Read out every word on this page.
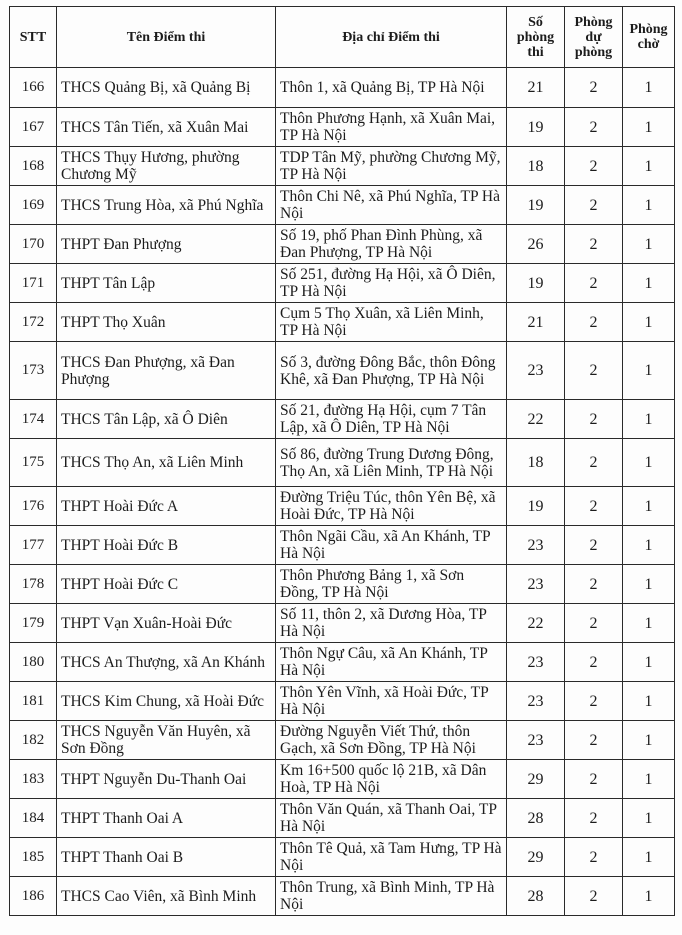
STT	Tên Điểm thi	Địa chỉ Điểm thi	Số phòng thi	Phòng dự phòng	Phòng chờ
166	THCS Quảng Bị, xã Quảng Bị	Thôn 1, xã Quảng Bị, TP Hà Nội	21	2	1
167	THCS Tân Tiến, xã Xuân Mai	Thôn Phương Hạnh, xã Xuân Mai, TP Hà Nội	19	2	1
168	THCS Thụy Hương, phường Chương Mỹ	TDP Tân Mỹ, phường Chương Mỹ, TP Hà Nội	18	2	1
169	THCS Trung Hòa, xã Phú Nghĩa	Thôn Chi Nê, xã Phú Nghĩa, TP Hà Nội	19	2	1
170	THPT Đan Phượng	Số 19, phố Phan Đình Phùng, xã Đan Phượng, TP Hà Nội	26	2	1
171	THPT Tân Lập	Số 251, đường Hạ Hội, xã Ô Diên, TP Hà Nội	19	2	1
172	THPT Thọ Xuân	Cụm 5 Thọ Xuân, xã Liên Minh, TP Hà Nội	21	2	1
173	THCS Đan Phượng, xã Đan Phượng	Số 3, đường Đông Bắc, thôn Đông Khê, xã Đan Phượng, TP Hà Nội	23	2	1
174	THCS Tân Lập, xã Ô Diên	Số 21, đường Hạ Hội, cụm 7 Tân Lập, xã Ô Diên, TP Hà Nội	22	2	1
175	THCS Thọ An, xã Liên Minh	Số 86, đường Trung Dương Đông, Thọ An, xã Liên Minh, TP Hà Nội	18	2	1
176	THPT Hoài Đức A	Đường Triệu Túc, thôn Yên Bệ, xã Hoài Đức, TP Hà Nội	19	2	1
177	THPT Hoài Đức B	Thôn Ngãi Cầu, xã An Khánh, TP Hà Nội	23	2	1
178	THPT Hoài Đức C	Thôn Phương Bảng 1, xã Sơn Đồng, TP Hà Nội	23	2	1
179	THPT Vạn Xuân-Hoài Đức	Số 11, thôn 2, xã Dương Hòa, TP Hà Nội	22	2	1
180	THCS An Thượng, xã An Khánh	Thôn Ngự Câu, xã An Khánh, TP Hà Nội	23	2	1
181	THCS Kim Chung, xã Hoài Đức	Thôn Yên Vĩnh, xã Hoài Đức, TP Hà Nội	23	2	1
182	THCS Nguyễn Văn Huyên, xã Sơn Đồng	Đường Nguyễn Viết Thứ, thôn Gạch, xã Sơn Đồng, TP Hà Nội	23	2	1
183	THPT Nguyễn Du-Thanh Oai	Km 16+500 quốc lộ 21B, xã Dân Hoà, TP Hà Nội	29	2	1
184	THPT Thanh Oai A	Thôn Văn Quán, xã Thanh Oai, TP Hà Nội	28	2	1
185	THPT Thanh Oai B	Thôn Tê Quả, xã Tam Hưng, TP Hà Nội	29	2	1
186	THCS Cao Viên, xã Bình Minh	Thôn Trung, xã Bình Minh, TP Hà Nội	28	2	1
